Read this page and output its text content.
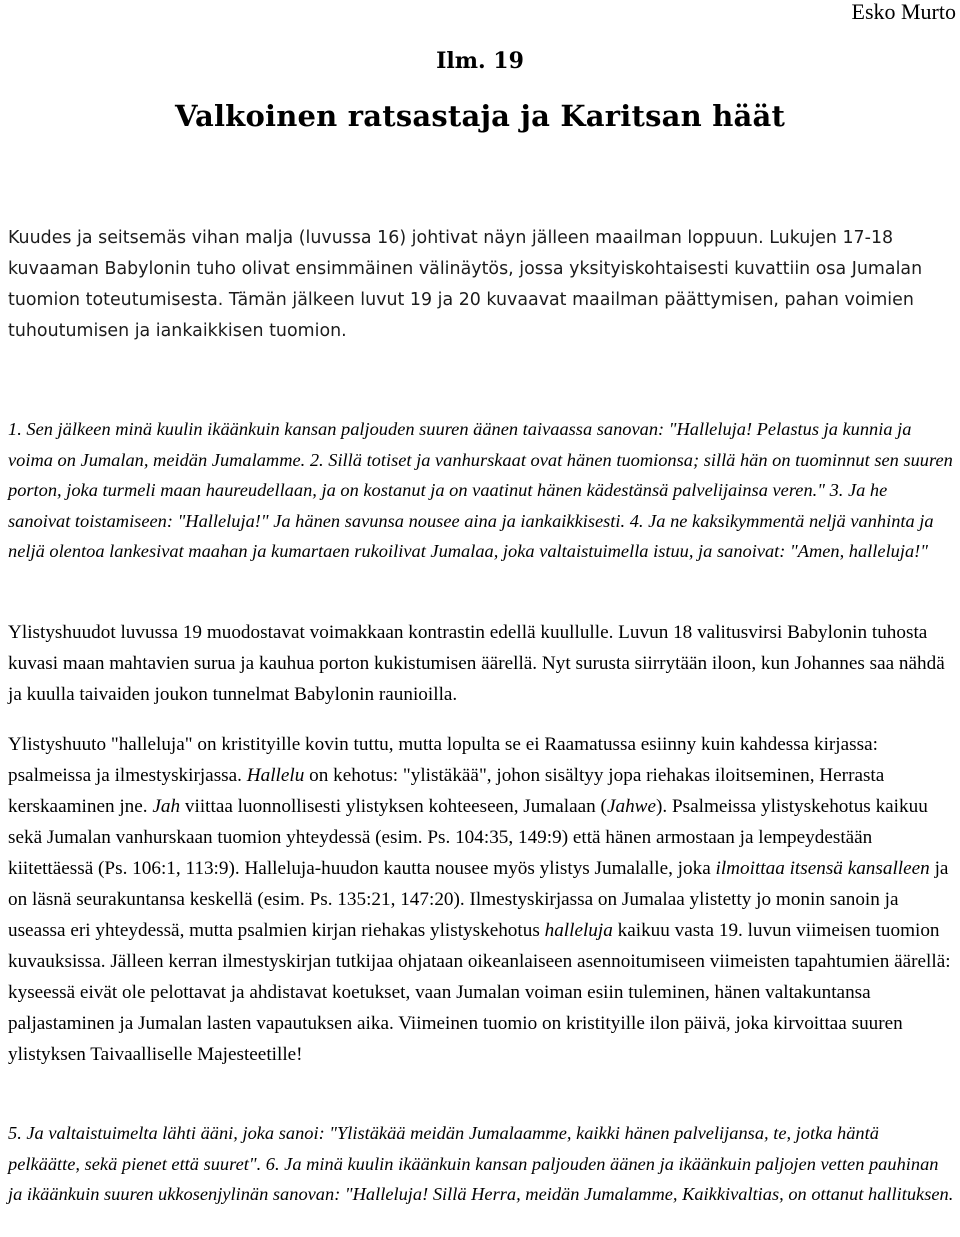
Esko Murto
Ilm. 19
Valkoinen ratsastaja ja Karitsan häät

Kuudes ja seitsemäs vihan malja (luvussa 16) johtivat näyn jälleen maailman loppuun. Lukujen 17-18 kuvaaman Babylonin tuho olivat ensimmäinen välinäytös, jossa yksityiskohtaisesti kuvattiin osa Jumalan tuomion toteutumisesta. Tämän jälkeen luvut 19 ja 20 kuvaavat maailman päättymisen, pahan voimien tuhoutumisen ja iankaikkisen tuomion.

1. Sen jälkeen minä kuulin ikäänkuin kansan paljouden suuren äänen taivaassa sanovan: "Halleluja! Pelastus ja kunnia ja voima on Jumalan, meidän Jumalamme. 2. Sillä totiset ja vanhurskaat ovat hänen tuomionsa; sillä hän on tuominnut sen suuren porton, joka turmeli maan haureudellaan, ja on kostanut ja on vaatinut hänen kädestänsä palvelijainsa veren." 3. Ja he sanoivat toistamiseen: "Halleluja!" Ja hänen savunsa nousee aina ja iankaikkisesti. 4. Ja ne kaksikymmentä neljä vanhinta ja neljä olentoa lankesivat maahan ja kumartaen rukoilivat Jumalaa, joka valtaistuimella istuu, ja sanoivat: "Amen, halleluja!"

Ylistyshuudot luvussa 19 muodostavat voimakkaan kontrastin edellä kuullulle. Luvun 18 valitusvirsi Babylonin tuhosta kuvasi maan mahtavien surua ja kauhua porton kukistumisen äärellä. Nyt surusta siirrytään iloon, kun Johannes saa nähdä ja kuulla taivaiden joukon tunnelmat Babylonin raunioilla.

Ylistyshuuto "halleluja" on kristityille kovin tuttu, mutta lopulta se ei Raamatussa esiinny kuin kahdessa kirjassa: psalmeissa ja ilmestyskirjassa. Hallelu on kehotus: "ylistäkää", johon sisältyy jopa riehakas iloitseminen, Herrasta kerskaaminen jne. Jah viittaa luonnollisesti ylistyksen kohteeseen, Jumalaan (Jahwe). Psalmeissa ylistyskehotus kaikuu sekä Jumalan vanhurskaan tuomion yhteydessä (esim. Ps. 104:35, 149:9) että hänen armostaan ja lempeydestään kiitettäessä (Ps. 106:1, 113:9). Halleluja-huudon kautta nousee myös ylistys Jumalalle, joka ilmoittaa itsensä kansalleen ja on läsnä seurakuntansa keskellä (esim. Ps. 135:21, 147:20). Ilmestyskirjassa on Jumalaa ylistetty jo monin sanoin ja useassa eri yhteydessä, mutta psalmien kirjan riehakas ylistyskehotus halleluja kaikuu vasta 19. luvun viimeisen tuomion kuvauksissa. Jälleen kerran ilmestyskirjan tutkijaa ohjataan oikeanlaiseen asennoitumiseen viimeisten tapahtumien äärellä: kyseessä eivät ole pelottavat ja ahdistavat koetukset, vaan Jumalan voiman esiin tuleminen, hänen valtakuntansa paljastaminen ja Jumalan lasten vapautuksen aika. Viimeinen tuomio on kristityille ilon päivä, joka kirvoittaa suuren ylistyksen Taivaalliselle Majesteetille!

5. Ja valtaistuimelta lähti ääni, joka sanoi: "Ylistäkää meidän Jumalaamme, kaikki hänen palvelijansa, te, jotka häntä pelkäätte, sekä pienet että suuret". 6. Ja minä kuulin ikäänkuin kansan paljouden äänen ja ikäänkuin paljojen vetten pauhinan ja ikäänkuin suuren ukkosenjylinän sanovan: "Halleluja! Sillä Herra, meidän Jumalamme, Kaikkivaltias, on ottanut hallituksen.
